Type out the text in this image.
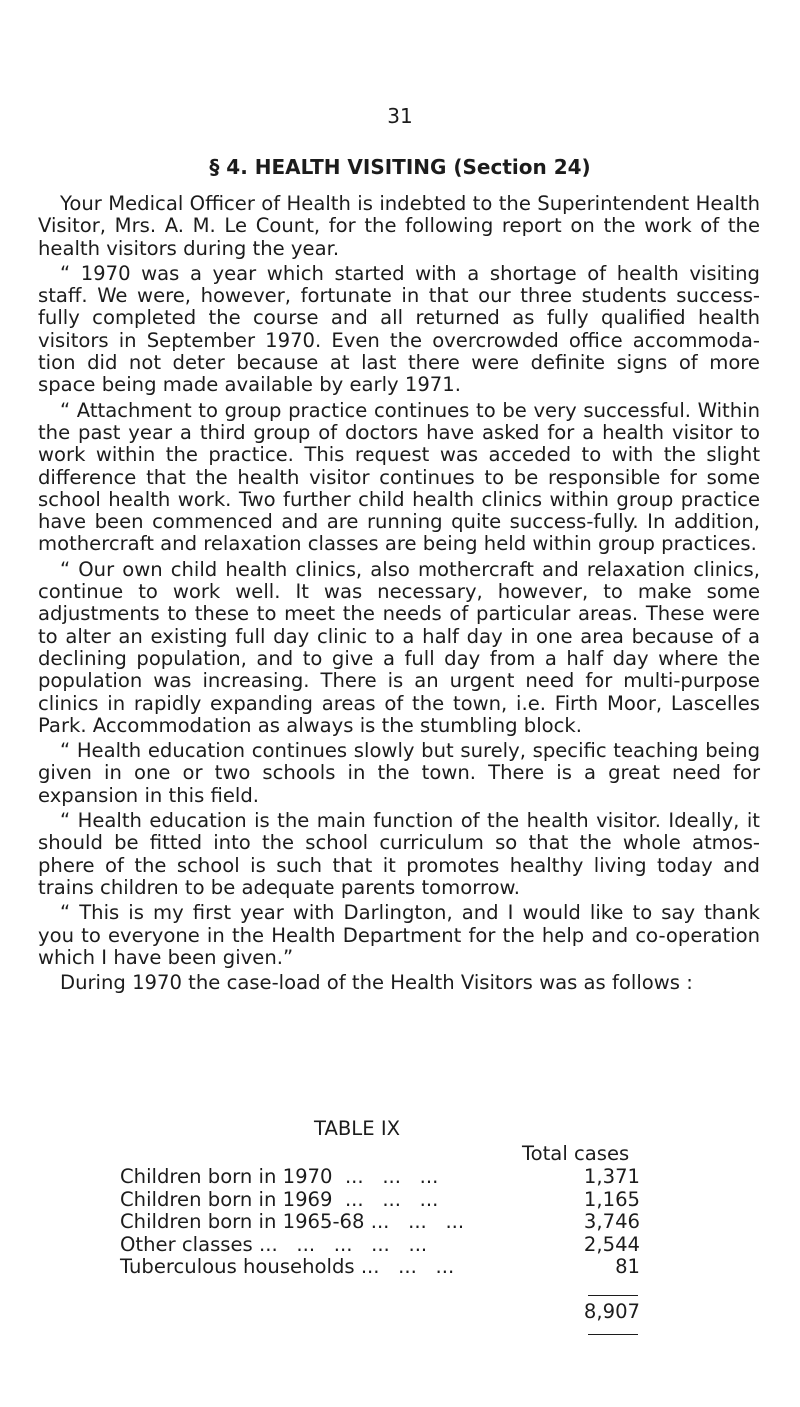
31
§ 4. HEALTH VISITING (Section 24)

Your Medical Officer of Health is indebted to the Superintendent Health Visitor, Mrs. A. M. Le Count, for the following report on the work of the health visitors during the year.

“ 1970 was a year which started with a shortage of health visiting staff. We were, however, fortunate in that our three students success-fully completed the course and all returned as fully qualified health visitors in September 1970. Even the overcrowded office accommoda-tion did not deter because at last there were definite signs of more space being made available by early 1971.

“ Attachment to group practice continues to be very successful. Within the past year a third group of doctors have asked for a health visitor to work within the practice. This request was acceded to with the slight difference that the health visitor continues to be responsible for some school health work. Two further child health clinics within group practice have been commenced and are running quite success-fully. In addition, mothercraft and relaxation classes are being held within group practices.

“ Our own child health clinics, also mothercraft and relaxation clinics, continue to work well. It was necessary, however, to make some adjustments to these to meet the needs of particular areas. These were to alter an existing full day clinic to a half day in one area because of a declining population, and to give a full day from a half day where the population was increasing. There is an urgent need for multi-purpose clinics in rapidly expanding areas of the town, i.e. Firth Moor, Lascelles Park. Accommodation as always is the stumbling block.

“ Health education continues slowly but surely, specific teaching being given in one or two schools in the town. There is a great need for expansion in this field.

“ Health education is the main function of the health visitor. Ideally, it should be fitted into the school curriculum so that the whole atmos-phere of the school is such that it promotes healthy living today and trains children to be adequate parents tomorrow.

“ This is my first year with Darlington, and I would like to say thank you to everyone in the Health Department for the help and co-operation which I have been given.”

During 1970 the case-load of the Health Visitors was as follows :

TABLE IX
Total cases
Children born in 1970  ...   ...   ...	1,371
Children born in 1969  ...   ...   ...	1,165
Children born in 1965-68 ...   ...   ...	3,746
Other classes ...   ...   ...   ...   ...	2,544
Tuberculous households ...   ...   ...	81
8,907
